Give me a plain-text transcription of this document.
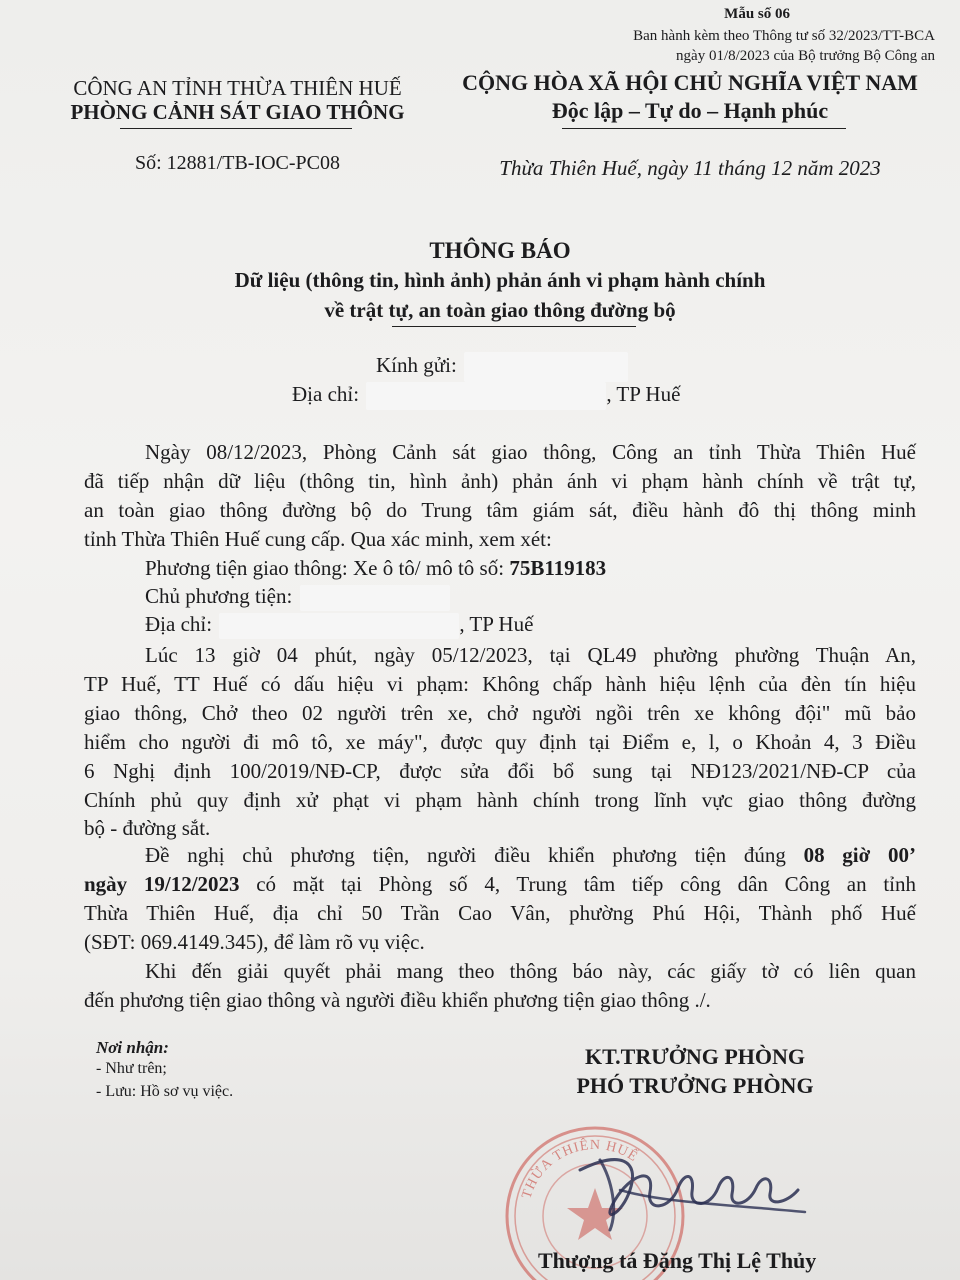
Mẫu số 06
Ban hành kèm theo Thông tư số 32/2023/TT-BCA
ngày 01/8/2023 của Bộ trưởng Bộ Công an
CÔNG AN TỈNH THỪA THIÊN HUẾ
PHÒNG CẢNH SÁT GIAO THÔNG
Số: 12881/TB-IOC-PC08
CỘNG HÒA XÃ HỘI CHỦ NGHĨA VIỆT NAM
Độc lập – Tự do – Hạnh phúc
Thừa Thiên Huế, ngày 11 tháng 12 năm 2023
THÔNG BÁO
Dữ liệu (thông tin, hình ảnh) phản ánh vi phạm hành chính
về trật tự, an toàn giao thông đường bộ
Kính gửi:
Địa chỉ:	, TP Huế
Ngày 08/12/2023, Phòng Cảnh sát giao thông, Công an tỉnh Thừa Thiên Huế
đã tiếp nhận dữ liệu (thông tin, hình ảnh) phản ánh vi phạm hành chính về trật tự,
an toàn giao thông đường bộ do Trung tâm giám sát, điều hành đô thị thông minh
tỉnh Thừa Thiên Huế cung cấp. Qua xác minh, xem xét:
Phương tiện giao thông: Xe ô tô/ mô tô số: 75B119183
Chủ phương tiện:
Địa chỉ:	, TP Huế
Lúc 13 giờ 04 phút, ngày 05/12/2023, tại QL49 phường phường Thuận An,
TP Huế, TT Huế có dấu hiệu vi phạm: Không chấp hành hiệu lệnh của đèn tín hiệu
giao thông, Chở theo 02 người trên xe, chở người ngồi trên xe không đội" mũ bảo
hiểm cho người đi mô tô, xe máy", được quy định tại Điểm e, l, o Khoản 4, 3 Điều
6 Nghị định 100/2019/NĐ-CP, được sửa đổi bổ sung tại NĐ123/2021/NĐ-CP của
Chính phủ quy định xử phạt vi phạm hành chính trong lĩnh vực giao thông đường
bộ - đường sắt.
Đề nghị chủ phương tiện, người điều khiển phương tiện đúng 08 giờ 00’
ngày 19/12/2023 có mặt tại Phòng số 4, Trung tâm tiếp công dân Công an tỉnh
Thừa Thiên Huế, địa chỉ 50 Trần Cao Vân, phường Phú Hội, Thành phố Huế
(SĐT: 069.4149.345), để làm rõ vụ việc.
Khi đến giải quyết phải mang theo thông báo này, các giấy tờ có liên quan
đến phương tiện giao thông và người điều khiển phương tiện giao thông ./.
Nơi nhận:
- Như trên;
- Lưu: Hồ sơ vụ việc.
KT.TRƯỞNG PHÒNG
PHÓ TRƯỞNG PHÒNG
THỪA THIÊN HUẾ
Thượng tá Đặng Thị Lệ Thủy
